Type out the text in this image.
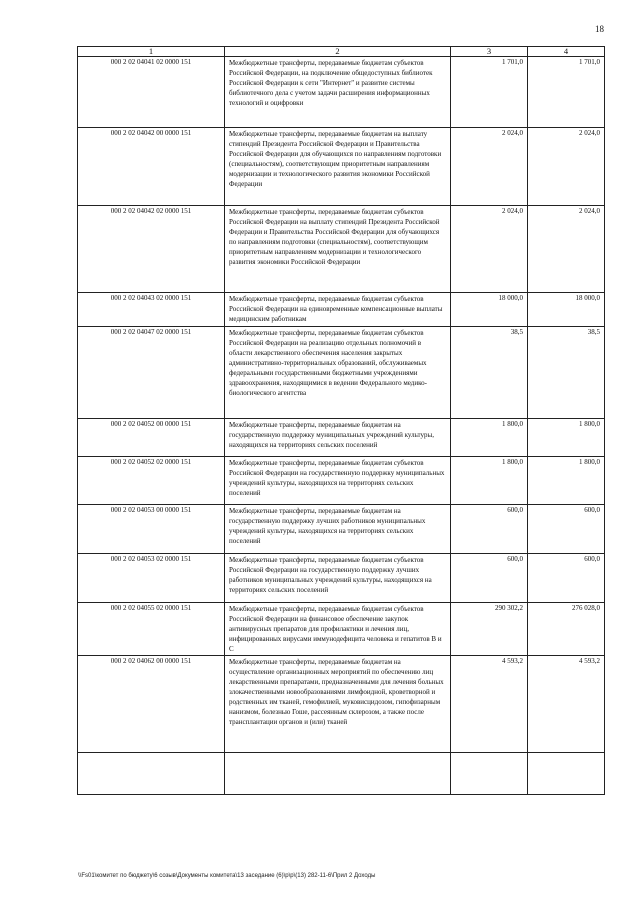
18
1	2	3	4
000 2 02 04041 02 0000 151	Межбюджетные трансферты, передаваемые бюджетам субъектов Российской Федерации, на подключение общедоступных библиотек Российской Федерации к сети "Интернет" и развитие системы библиотечного дела с учетом задачи расширения информационных технологий и оцифровки	1 701,0	1 701,0
000 2 02 04042 00 0000 151	Межбюджетные трансферты, передаваемые бюджетам на выплату стипендий Президента Российской Федерации и Правительства Российской Федерации для обучающихся по направлениям подготовки (специальностям), соответствующим приоритетным направлениям модернизации и технологического развития экономики Российской Федерации	2 024,0	2 024,0
000 2 02 04042 02 0000 151	Межбюджетные трансферты, передаваемые бюджетам субъектов Российской Федерации на выплату стипендий Президента Российской Федерации и Правительства Российской Федерации для обучающихся по направлениям подготовки (специальностям), соответствующим приоритетным направлениям модернизации и технологического развития экономики Российской Федерации	2 024,0	2 024,0
000 2 02 04043 02 0000 151	Межбюджетные трансферты, передаваемые бюджетам субъектов Российской Федерации на единовременные компенсационные выплаты медицинским работникам	18 000,0	18 000,0
000 2 02 04047 02 0000 151	Межбюджетные трансферты, передаваемые бюджетам субъектов Российской Федерации на реализацию отдельных полномочий в области лекарственного обеспечения населения закрытых административно-территориальных образований, обслуживаемых федеральными государственными бюджетными учреждениями здравоохранения, находящимися в ведении Федерального медико-биологического агентства	38,5	38,5
000 2 02 04052 00 0000 151	Межбюджетные трансферты, передаваемые бюджетам на государственную поддержку муниципальных учреждений культуры, находящихся на территориях сельских поселений	1 800,0	1 800,0
000 2 02 04052 02 0000 151	Межбюджетные трансферты, передаваемые бюджетам субъектов Российской Федерации на государственную поддержку муниципальных учреждений культуры, находящихся на территориях сельских поселений	1 800,0	1 800,0
000 2 02 04053 00 0000 151	Межбюджетные трансферты, передаваемые бюджетам на государственную поддержку лучших работников муниципальных учреждений культуры, находящихся на территориях сельских поселений	600,0	600,0
000 2 02 04053 02 0000 151	Межбюджетные трансферты, передаваемые бюджетам субъектов Российской Федерации на государственную поддержку лучших работников муниципальных учреждений культуры, находящихся на территориях сельских поселений	600,0	600,0
000 2 02 04055 02 0000 151	Межбюджетные трансферты, передаваемые бюджетам субъектов Российской Федерации на финансовое обеспечение закупок антивирусных препаратов для профилактики и лечения лиц, инфицированных вирусами иммунодефицита человека и гепатитов В и С	290 302,2	276 028,0
000 2 02 04062 00 0000 151	Межбюджетные трансферты, передаваемые бюджетам на осуществление организационных мероприятий по обеспечению лиц лекарственными препаратами, предназначенными для лечения больных злокачественными новообразованиями лимфоидной, кроветворной и родственных им тканей, гемофилией, муковисцидозом, гипофизарным нанизмом, болезнью Гоше, рассеянным склерозом, а также после трансплантации органов и (или) тканей	4 593,2	4 593,2

\\Fs01\комитет по бюджету\6 созыв\Документы комитета\13 заседание (6)\р\р\(13) 282-11-6\Прил 2 Доходы
